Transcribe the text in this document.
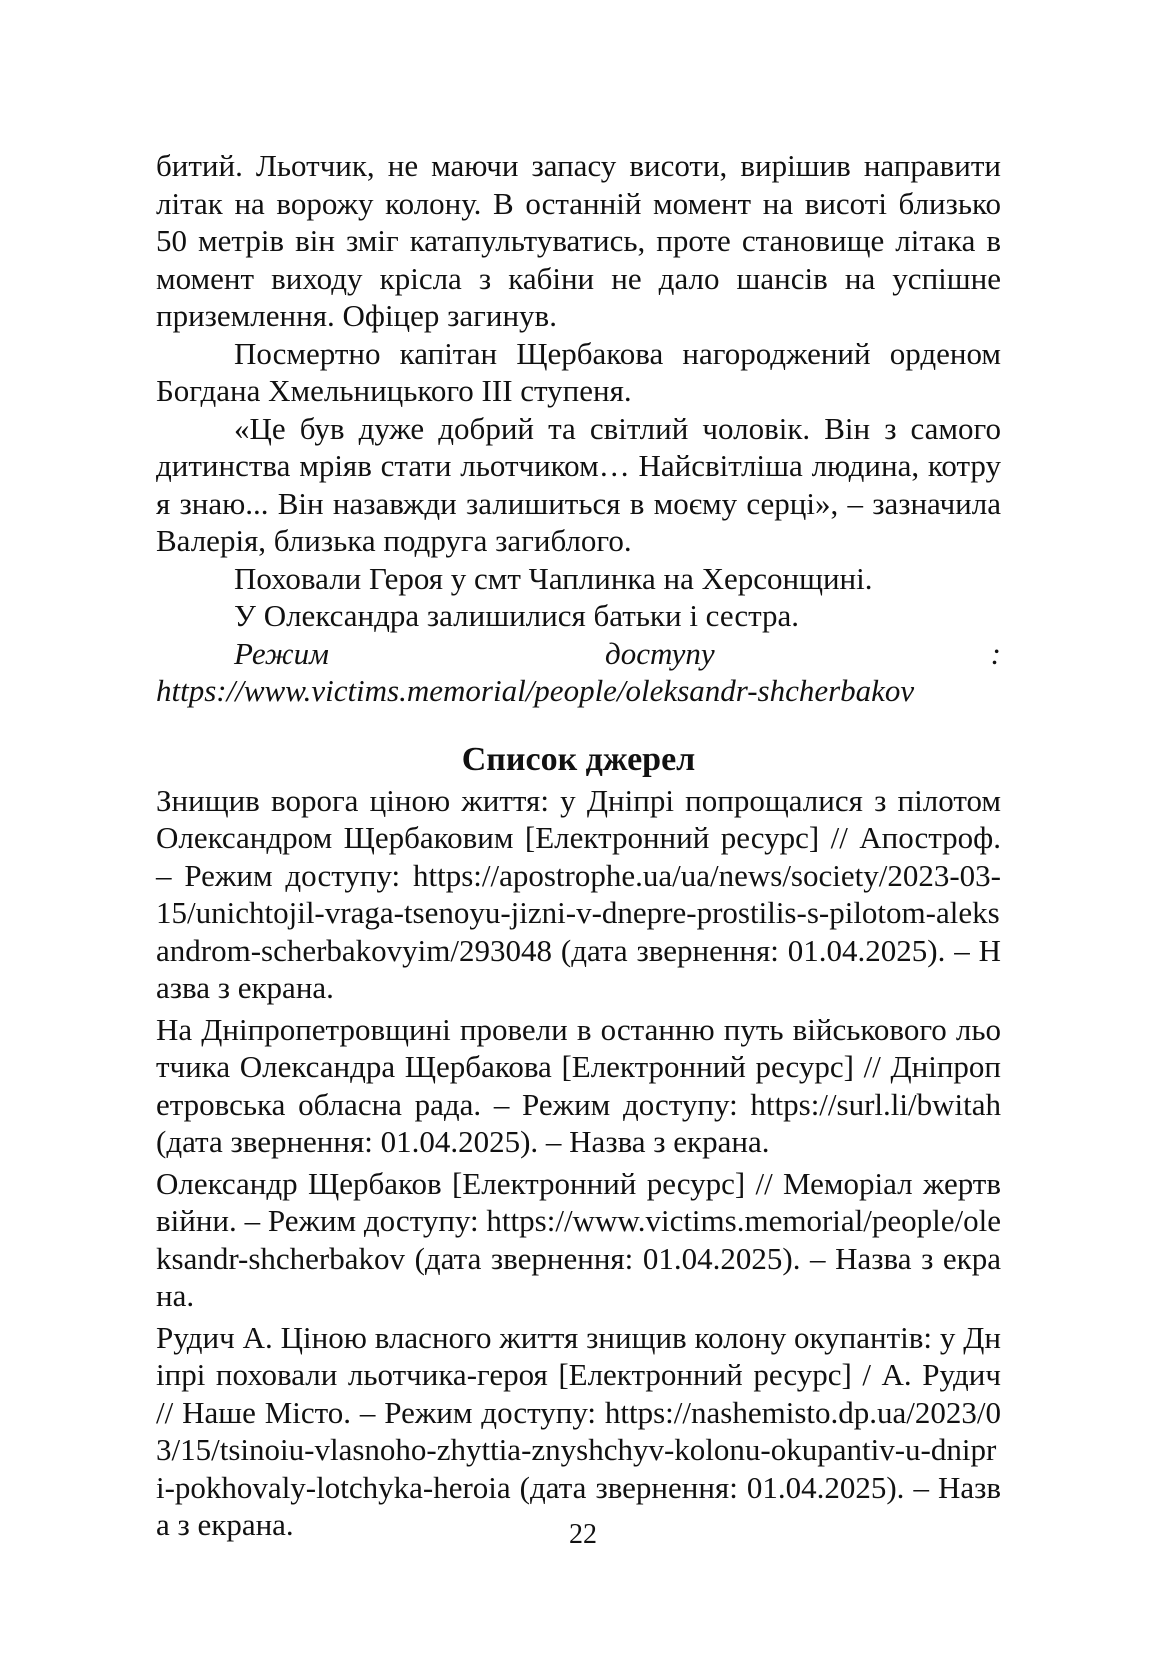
битий. Льотчик, не маючи запасу висоти, вирішив направити літак на ворожу колону. В останній момент на висоті близько 50 метрів він зміг катапультуватись, проте становище літака в момент виходу крісла з кабіни не дало шансів на успішне приземлення. Офіцер загинув.

Посмертно капітан Щербакова нагороджений орденом Богдана Хмельницького ІІІ ступеня.

«Це був дуже добрий та світлий чоловік. Він з самого дитинства мріяв стати льотчиком… Найсвітліша людина, котру я знаю... Він назавжди залишиться в моєму серці», – зазначила Валерія, близька подруга загиблого.

Поховали Героя у смт Чаплинка на Херсонщині.

У Олександра залишилися батьки і сестра.

Режим доступу : https://www.victims.memorial/people/oleksandr-shcherbakov

Список джерел

Знищив ворога ціною життя: у Дніпрі попрощалися з пілотом Олександром Щербаковим [Електронний ресурс] // Апостроф. – Режим доступу: https://apostrophe.ua/ua/news/society/2023-03-15/unichtojil-vraga-tsenoyu-jizni-v-dnepre-prostilis-s-pilotom-aleksandrom-scherbakovyim/293048 (дата звернення: 01.04.2025). – Назва з екрана.
На Дніпропетровщині провели в останню путь військового льотчика Олександра Щербакова [Електронний ресурс] // Дніпропетровська обласна рада. – Режим доступу: https://surl.li/bwitah (дата звернення: 01.04.2025). – Назва з екрана.
Олександр Щербаков [Електронний ресурс] // Меморіал жертв війни. – Режим доступу: https://www.victims.memorial/people/oleksandr-shcherbakov (дата звернення: 01.04.2025). – Назва з екрана.
Рудич А. Ціною власного життя знищив колону окупантів: у Дніпрі поховали льотчика-героя [Електронний ресурс] / А. Рудич // Наше Місто. – Режим доступу: https://nashemisto.dp.ua/2023/03/15/tsinoiu-vlasnoho-zhyttia-znyshchyv-kolonu-okupantiv-u-dnipri-pokhovaly-lotchyka-heroia (дата звернення: 01.04.2025). – Назва з екрана.	22
